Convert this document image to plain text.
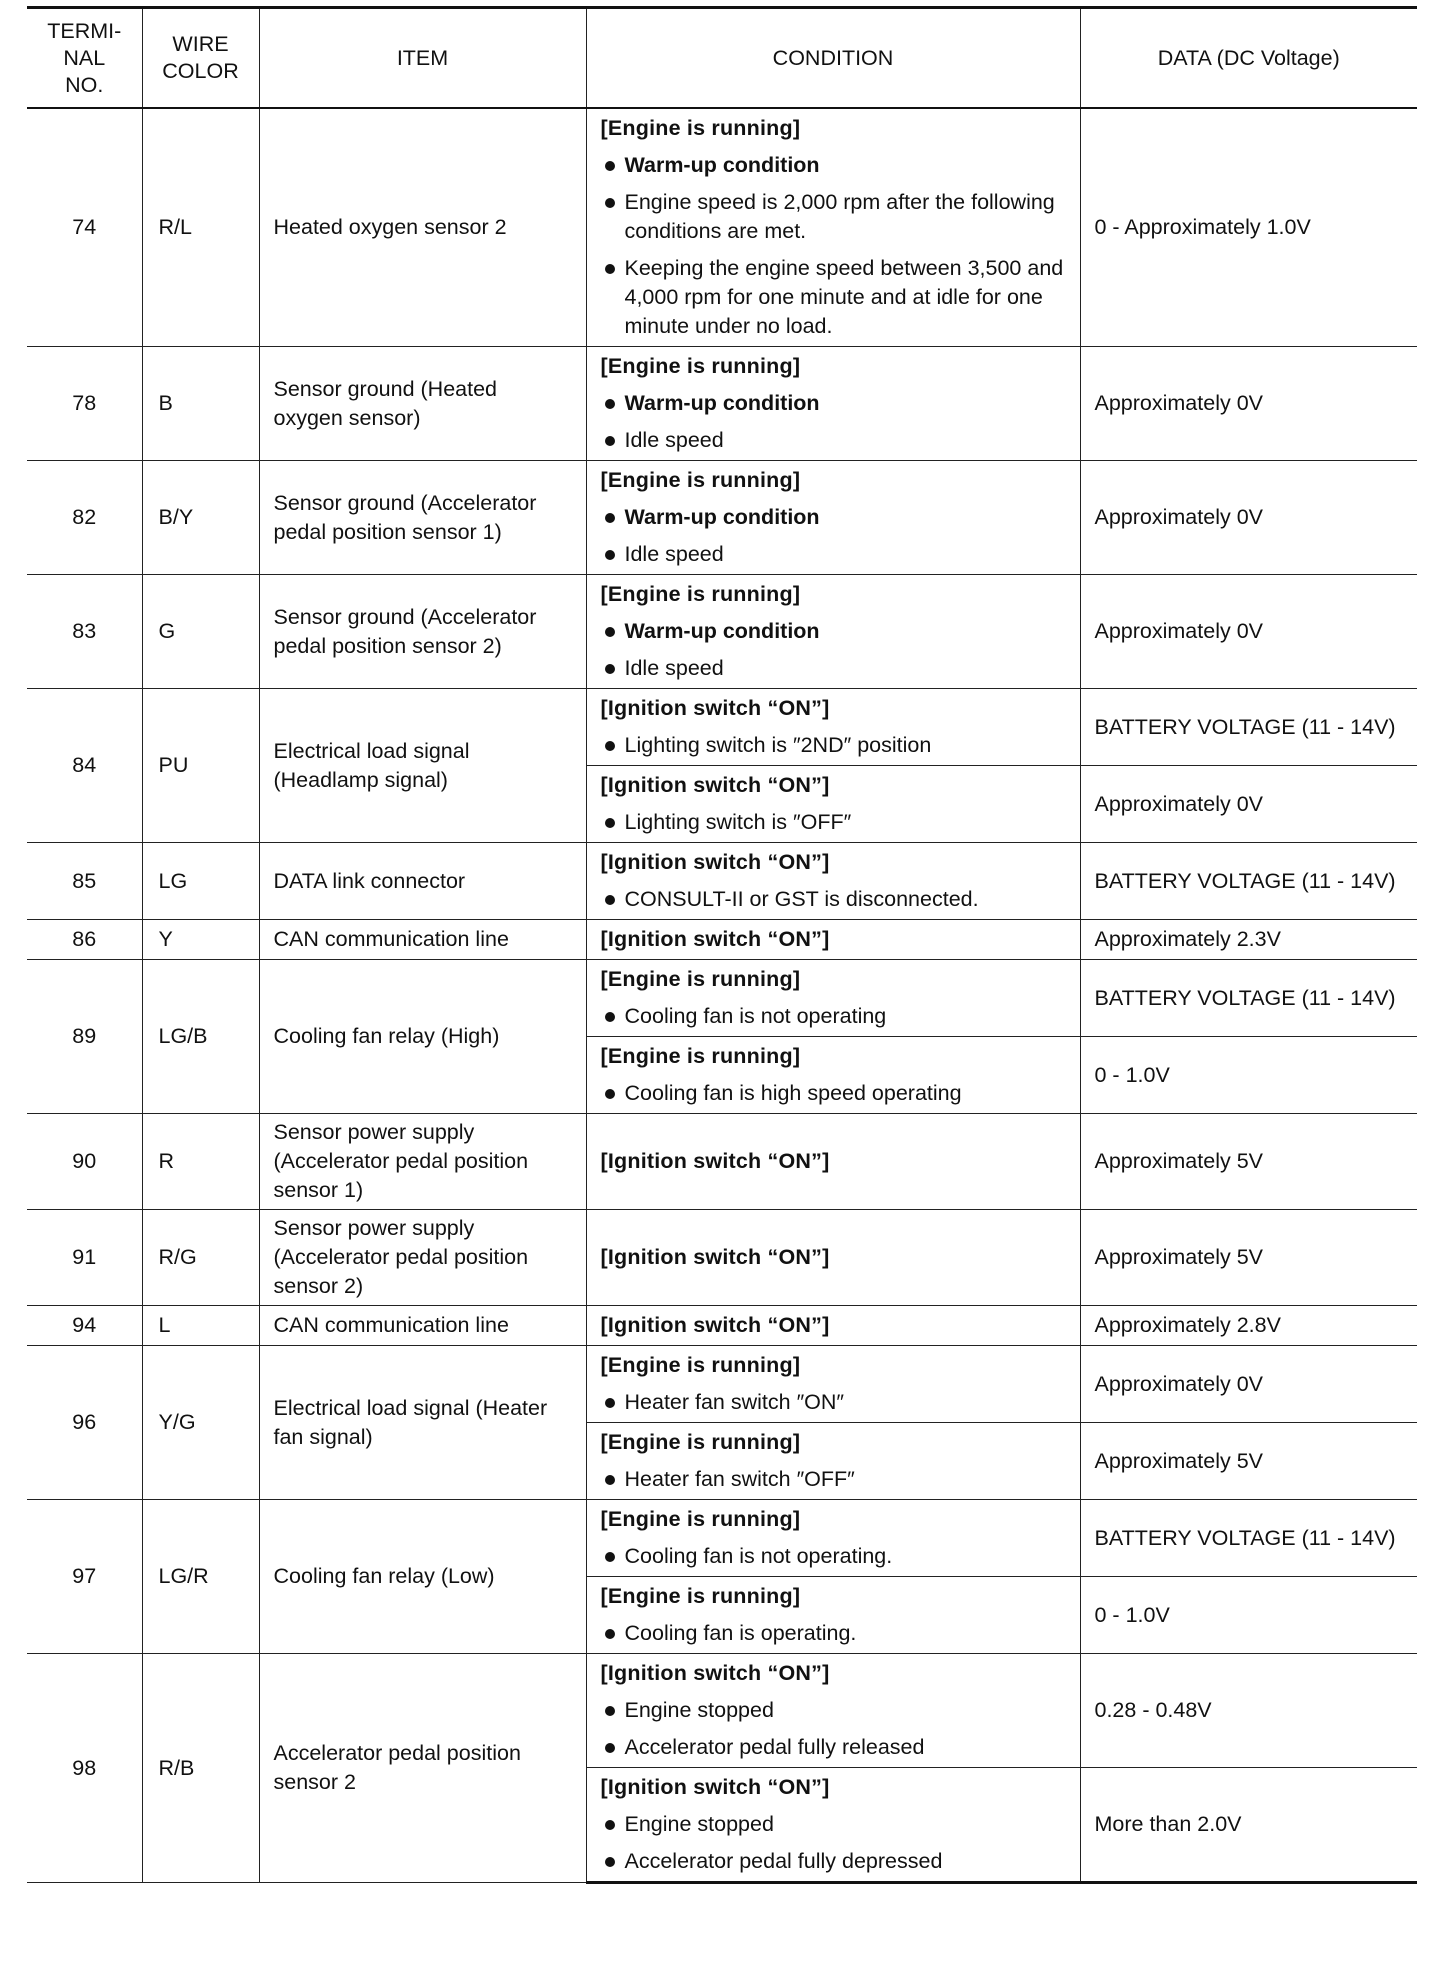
TERMI-
NAL
NO.	WIRE
COLOR	ITEM	CONDITION	DATA (DC Voltage)
74	R/L	Heated oxygen sensor 2	[Engine is running]
Warm-up condition
Engine speed is 2,000 rpm after the following conditions are met.
Keeping the engine speed between 3,500 and 4,000 rpm for one minute and at idle for one minute under no load.	0 - Approximately 1.0V
78	B	Sensor ground (Heated oxygen sensor)	[Engine is running]
Warm-up condition
Idle speed	Approximately 0V
82	B/Y	Sensor ground (Accelerator pedal position sensor 1)	[Engine is running]
Warm-up condition
Idle speed	Approximately 0V
83	G	Sensor ground (Accelerator pedal position sensor 2)	[Engine is running]
Warm-up condition
Idle speed	Approximately 0V
84	PU	Electrical load signal (Headlamp signal)	[Ignition switch “ON”]
Lighting switch is ″2ND″ position	BATTERY VOLTAGE (11 - 14V)

			[Ignition switch “ON”]
Lighting switch is ″OFF″	Approximately 0V
85	LG	DATA link connector	[Ignition switch “ON”]
CONSULT-II or GST is disconnected.	BATTERY VOLTAGE (11 - 14V)
86	Y	CAN communication line	[Ignition switch “ON”]	Approximately 2.3V
89	LG/B	Cooling fan relay (High)	[Engine is running]
Cooling fan is not operating	BATTERY VOLTAGE (11 - 14V)

			[Engine is running]
Cooling fan is high speed operating	0 - 1.0V
90	R	Sensor power supply (Accelerator pedal position sensor 1)	[Ignition switch “ON”]	Approximately 5V
91	R/G	Sensor power supply (Accelerator pedal position sensor 2)	[Ignition switch “ON”]	Approximately 5V
94	L	CAN communication line	[Ignition switch “ON”]	Approximately 2.8V
96	Y/G	Electrical load signal (Heater fan signal)	[Engine is running]
Heater fan switch ″ON″	Approximately 0V

			[Engine is running]
Heater fan switch ″OFF″	Approximately 5V
97	LG/R	Cooling fan relay (Low)	[Engine is running]
Cooling fan is not operating.	BATTERY VOLTAGE (11 - 14V)

			[Engine is running]
Cooling fan is operating.	0 - 1.0V
98	R/B	Accelerator pedal position sensor 2	[Ignition switch “ON”]
Engine stopped
Accelerator pedal fully released	0.28 - 0.48V

			[Ignition switch “ON”]
Engine stopped
Accelerator pedal fully depressed	More than 2.0V
